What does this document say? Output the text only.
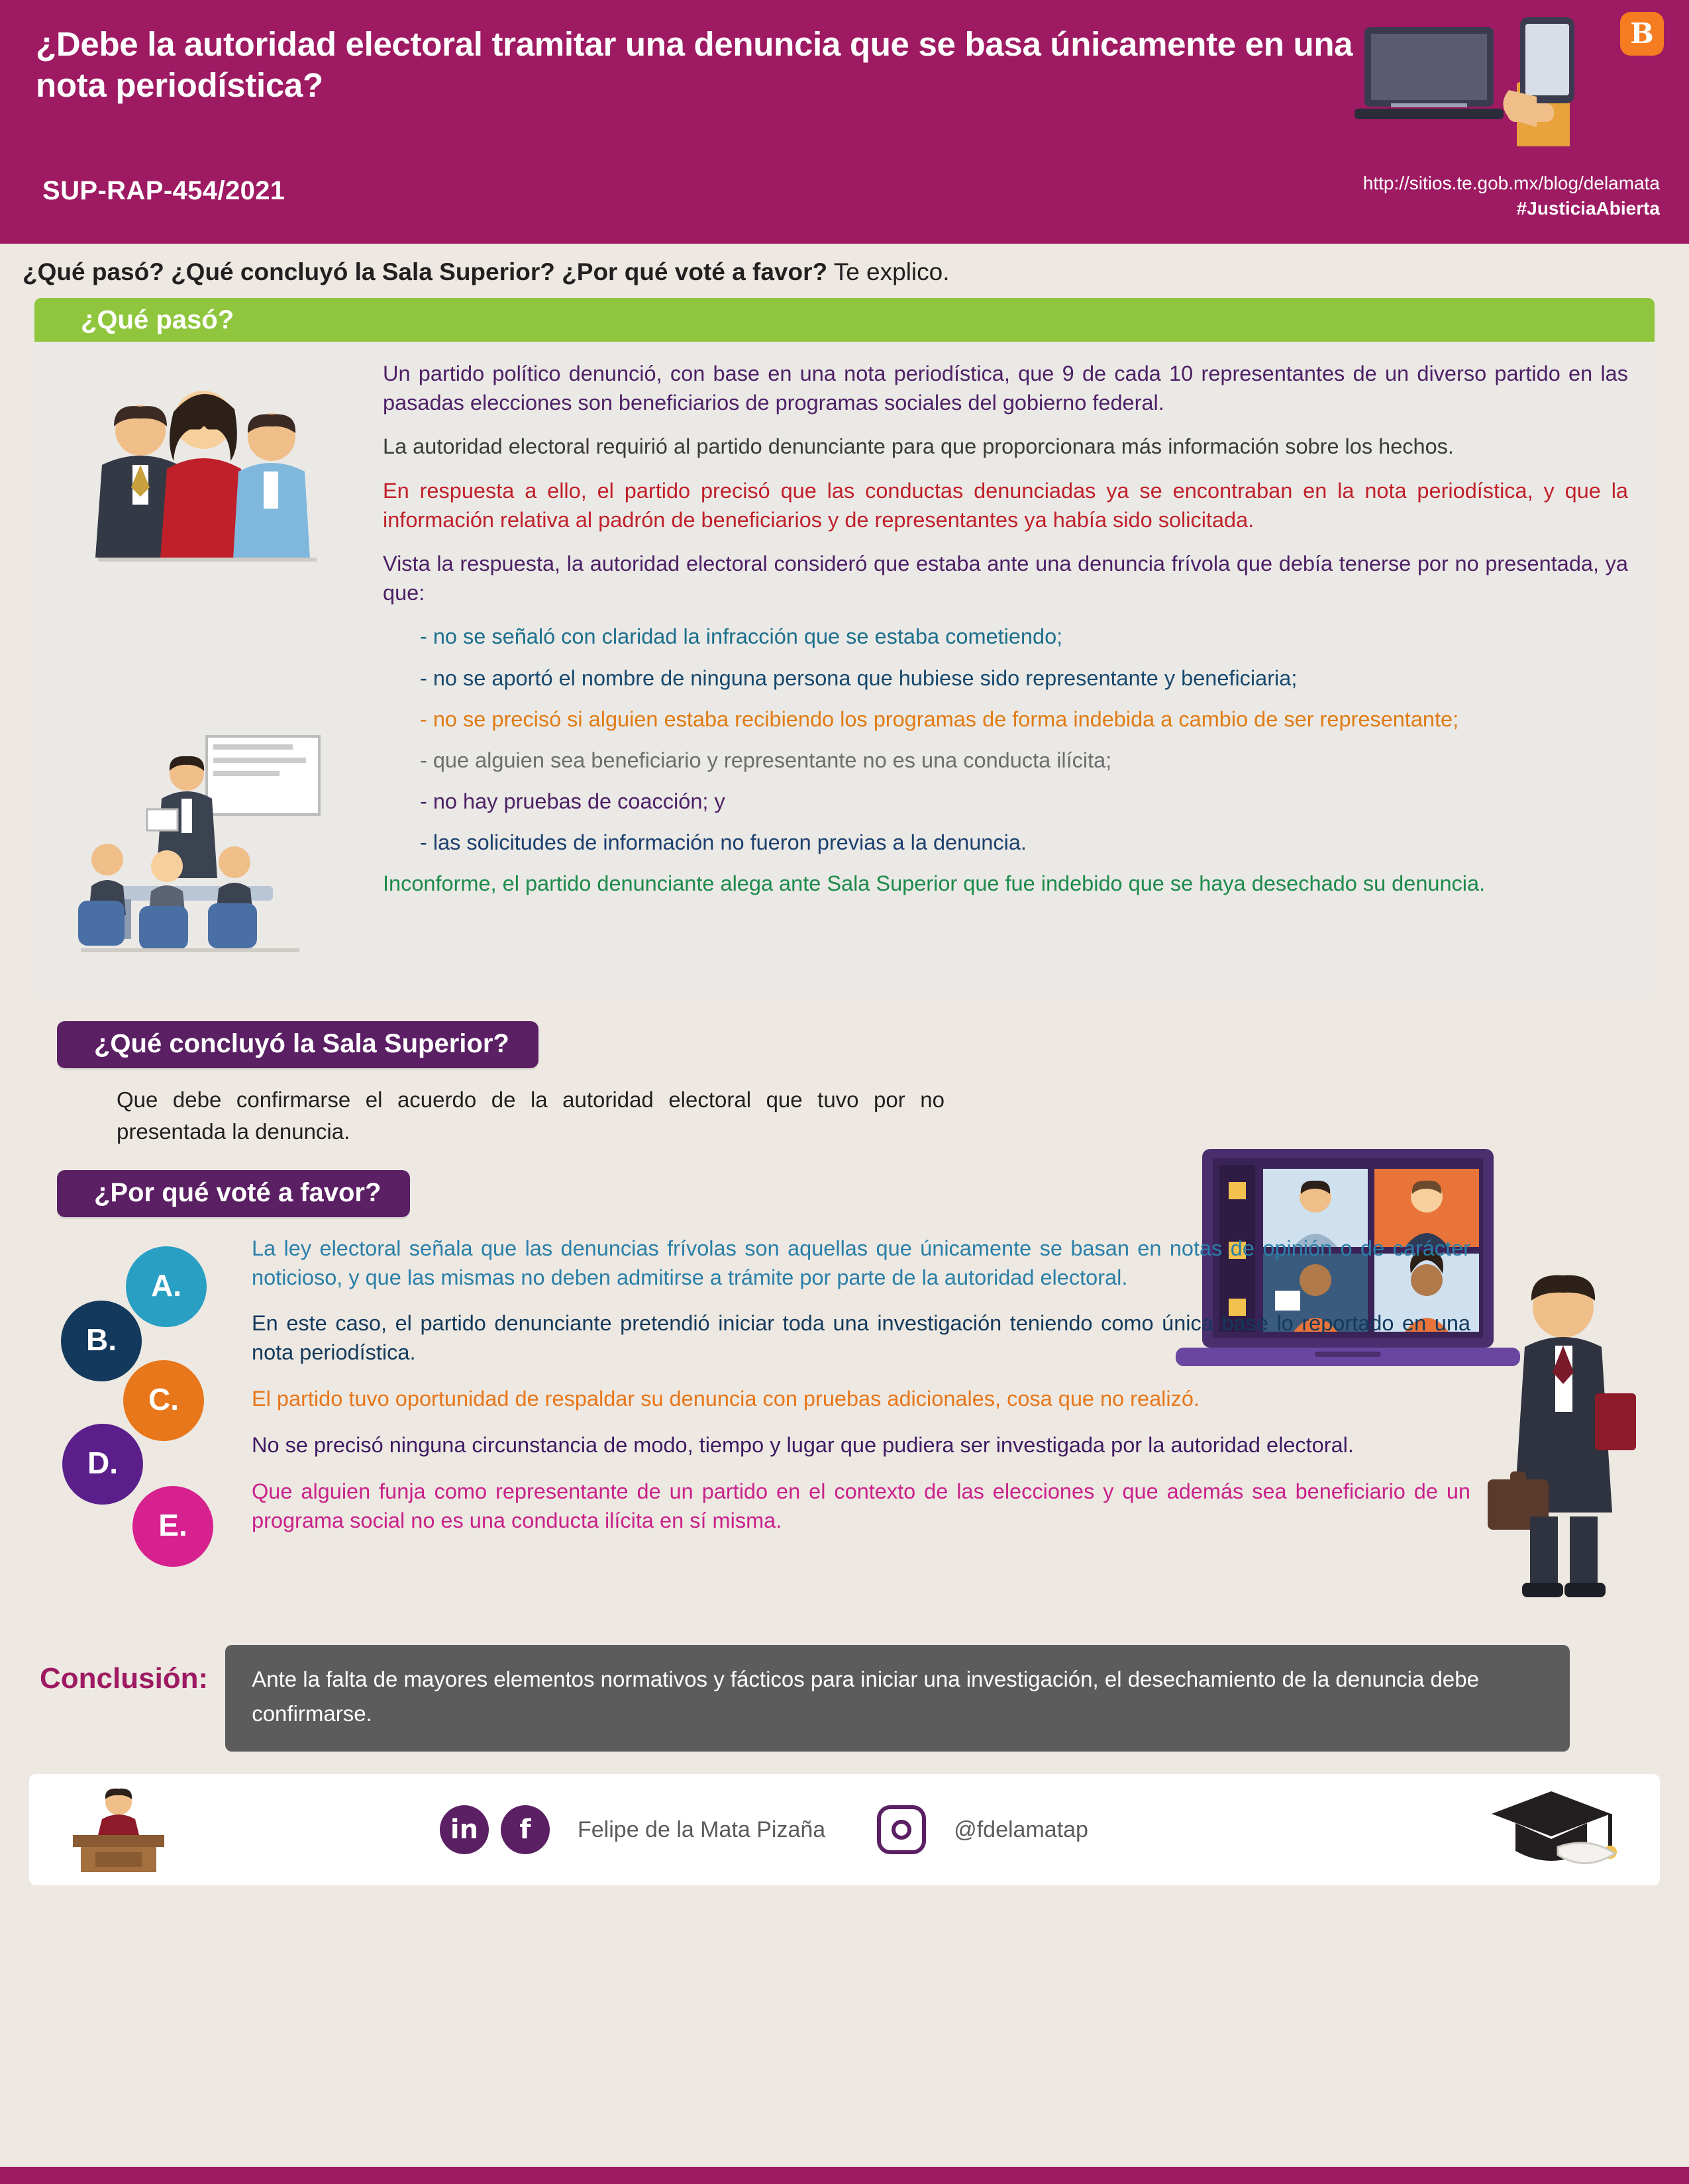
¿Debe la autoridad electoral tramitar una denuncia que se basa únicamente en una nota periodística?
SUP-RAP-454/2021	http://sitios.te.gob.mx/blog/delamata
#JusticiaAbierta
B
¿Qué pasó? ¿Qué concluyó la Sala Superior? ¿Por qué voté a favor? Te explico.
¿Qué pasó?

Un partido político denunció, con base en una nota periodística, que 9 de cada 10 representantes de un diverso partido en las pasadas elecciones son beneficiarios de programas sociales del gobierno federal.

La autoridad electoral requirió al partido denunciante para que proporcionara más información sobre los hechos.

En respuesta a ello, el partido precisó que las conductas denunciadas ya se encontraban en la nota periodística, y que la información relativa al padrón de beneficiarios y de representantes ya había sido solicitada.

Vista la respuesta, la autoridad electoral consideró que estaba ante una denuncia frívola que debía tenerse por no presentada, ya que:

- no se señaló con claridad la infracción que se estaba cometiendo;
- no se aportó el nombre de ninguna persona que hubiese sido representante y beneficiaria;
- no se precisó si alguien estaba recibiendo los programas de forma indebida a cambio de ser representante;
- que alguien sea beneficiario y representante no es una conducta ilícita;
- no hay pruebas de coacción; y
- las solicitudes de información no fueron previas a la denuncia.

Inconforme, el partido denunciante alega ante Sala Superior que fue indebido que se haya desechado su denuncia.

¿Qué concluyó la Sala Superior?
Que debe confirmarse el acuerdo de la autoridad electoral que tuvo por no presentada la denuncia.
¿Por qué voté a favor?
A.
B.
C.
D.
E.

La ley electoral señala que las denuncias frívolas son aquellas que únicamente se basan en notas de opinión o de carácter noticioso, y que las mismas no deben admitirse a trámite por parte de la autoridad electoral.

En este caso, el partido denunciante pretendió iniciar toda una investigación teniendo como única base lo reportado en una nota periodística.

El partido tuvo oportunidad de respaldar su denuncia con pruebas adicionales, cosa que no realizó.

No se precisó ninguna circunstancia de modo, tiempo y lugar que pudiera ser investigada por la autoridad electoral.

Que alguien funja como representante de un partido en el contexto de las elecciones y que además sea beneficiario de un programa social no es una conducta ilícita en sí misma.

Conclusión:	Ante la falta de mayores elementos normativos y fácticos para iniciar una investigación, el desechamiento de la denuncia debe confirmarse.
in	f	Felipe de la Mata Pizaña	@fdelamatap
